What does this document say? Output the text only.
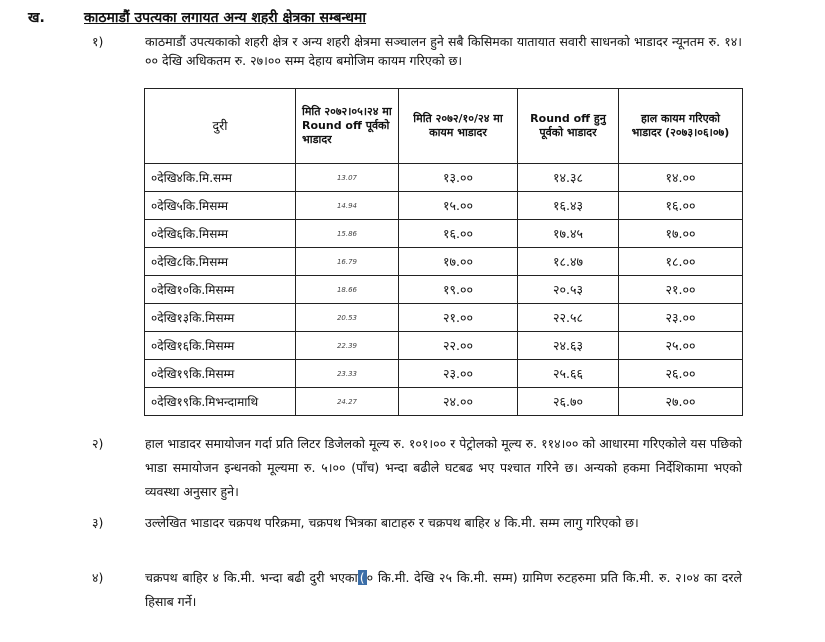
ख.	काठमाडौं उपत्यका लगायत अन्य शहरी क्षेत्रका सम्बन्धमा
१)	काठमाडौं उपत्यकाको शहरी क्षेत्र र अन्य शहरी क्षेत्रमा सञ्चालन हुने सबै किसिमका यातायात सवारी साधनको भाडादर न्यूनतम रु. १४।०० देखि अधिकतम रु. २७।०० सम्म देहाय बमोजिम कायम गरिएको छ।
दुरी	मिति २०७२।०५।२४ मा Round off पूर्वको भाडादर	मिति २०७२/१०/२४ मा कायम भाडादर	Round off हुनु पूर्वको भाडादर	हाल कायम गरिएको भाडादर (२०७३।०६।०७)
०देखि४कि.मि.सम्म	13.07	१३.००	१४.३८	१४.००
०देखि५कि.मिसम्म	14.94	१५.००	१६.४३	१६.००
०देखि६कि.मिसम्म	15.86	१६.००	१७.४५	१७.००
०देखि८कि.मिसम्म	16.79	१७.००	१८.४७	१८.००
०देखि१०कि.मिसम्म	18.66	१९.००	२०.५३	२१.००
०देखि१३कि.मिसम्म	20.53	२१.००	२२.५८	२३.००
०देखि१६कि.मिसम्म	22.39	२२.००	२४.६३	२५.००
०देखि१९कि.मिसम्म	23.33	२३.००	२५.६६	२६.००
०देखि१९कि.मिभन्दामाथि	24.27	२४.००	२६.७०	२७.००
२)	हाल भाडादर समायोजन गर्दा प्रति लिटर डिजेलको मूल्य रु. १०१।०० र पेट्रोलको मूल्य रु. ११४।०० को आधारमा गरिएकोले यस पछिको भाडा समायोजन इन्धनको मूल्यमा रु. ५।०० (पाँच) भन्दा बढीले घटबढ भए पश्चात गरिने छ। अन्यको हकमा निर्देशिकामा भएको व्यवस्था अनुसार हुने।
३)	उल्लेखित भाडादर चक्रपथ परिक्रमा, चक्रपथ भित्रका बाटाहरु र चक्रपथ बाहिर ४ कि.मी. सम्म लागु गरिएको छ।
४)	चक्रपथ बाहिर ४ कि.मी. भन्दा बढी दुरी भएका ( ० कि.मी. देखि २५ कि.मी. सम्म) ग्रामिण रुटहरुमा प्रति कि.मी. रु. २।०४ का दरले हिसाब गर्ने।
